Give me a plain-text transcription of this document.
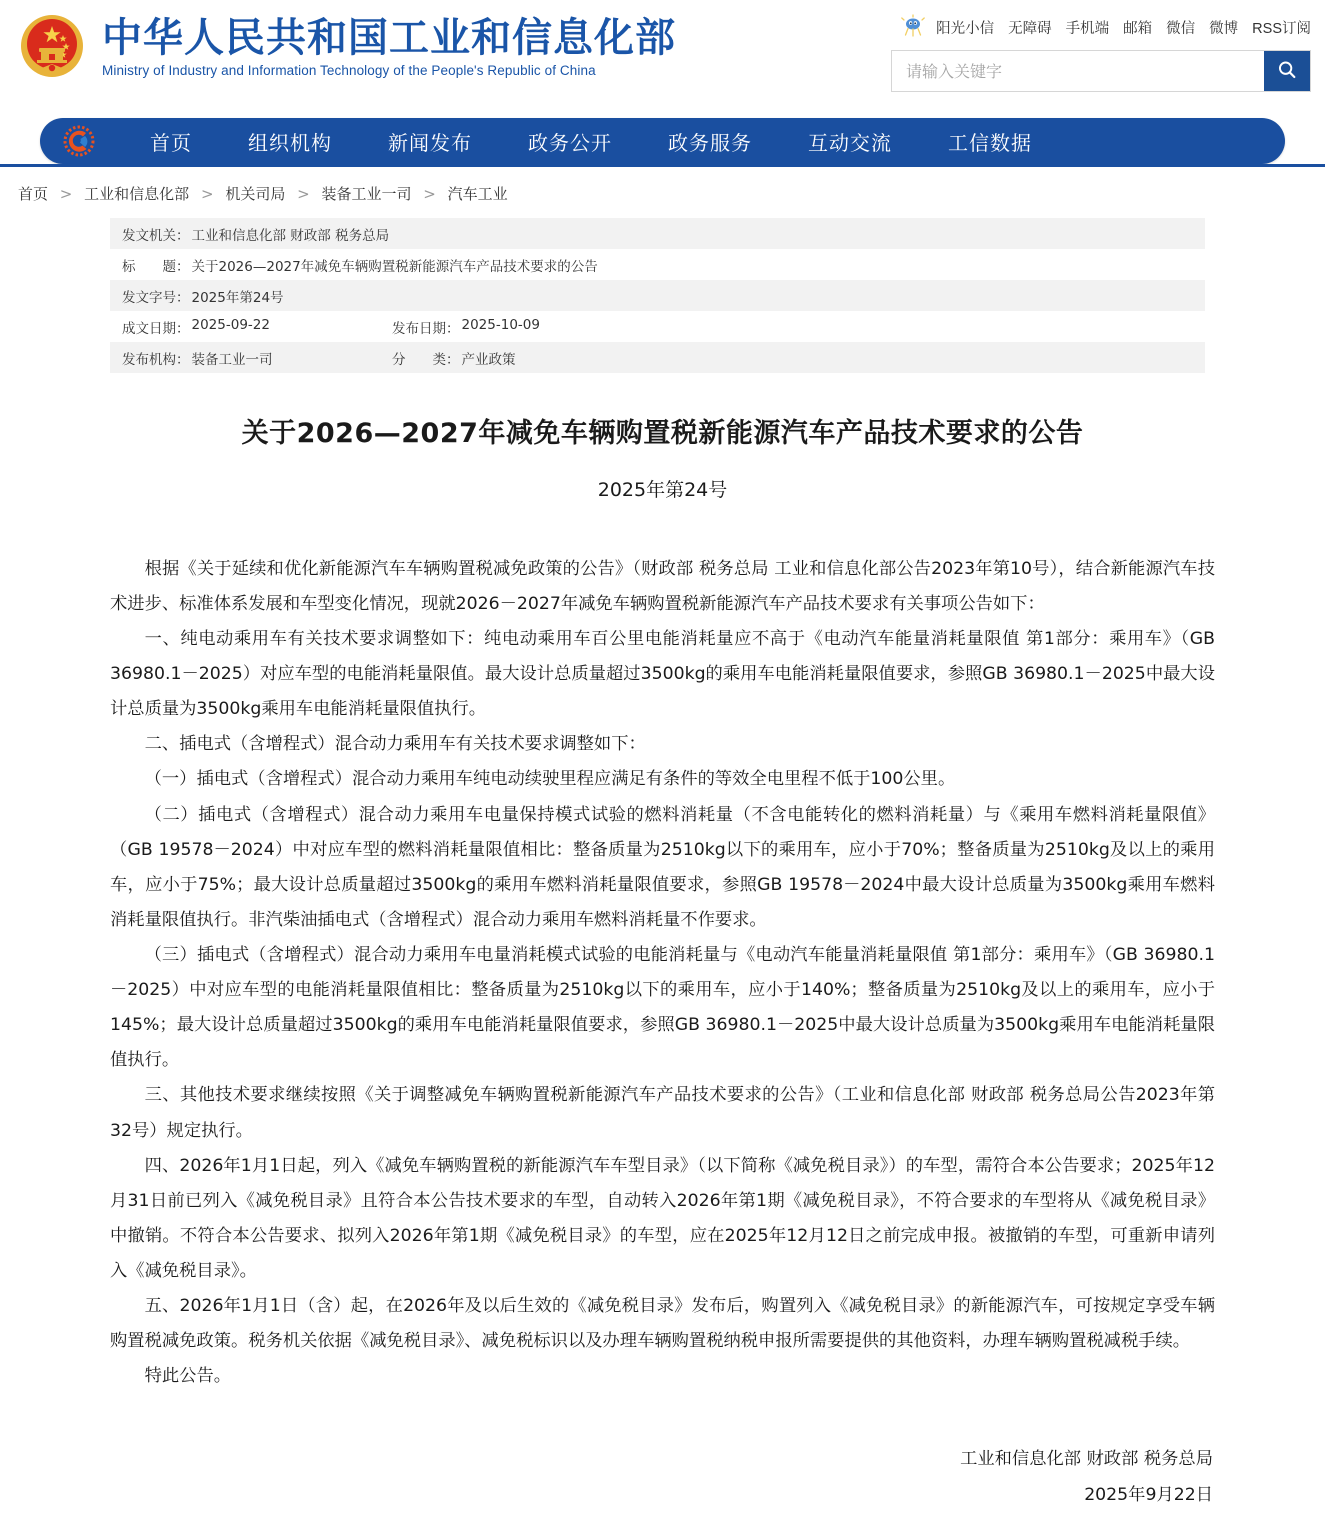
中华人民共和国工业和信息化部
Ministry of Industry and Information Technology of the People's Republic of China
阳光小信 无障碍 手机端 邮箱 微信 微博 RSS订阅
请输入关键字
首页	组织机构	新闻发布	政务公开	政务服务	互动交流	工信数据
首页 > 工业和信息化部 > 机关司局 > 装备工业一司 > 汽车工业
发文机关： 工业和信息化部 财政部 税务总局	

标　　题： 关于2026—2027年减免车辆购置税新能源汽车产品技术要求的公告	

发文字号： 2025年第24号	

成文日期： 2025-09-22	发布日期： 2025-10-09

发布机构： 装备工业一司	分　　类： 产业政策
关于2026—2027年减免车辆购置税新能源汽车产品技术要求的公告
2025年第24号

根据《关于延续和优化新能源汽车车辆购置税减免政策的公告》（财政部 税务总局 工业和信息化部公告2023年第10号），结合新能源汽车技术进步、标准体系发展和车型变化情况，现就2026－2027年减免车辆购置税新能源汽车产品技术要求有关事项公告如下：

一、纯电动乘用车有关技术要求调整如下：纯电动乘用车百公里电能消耗量应不高于《电动汽车能量消耗量限值 第1部分：乘用车》（GB 36980.1－2025）对应车型的电能消耗量限值。最大设计总质量超过3500kg的乘用车电能消耗量限值要求，参照GB 36980.1－2025中最大设计总质量为3500kg乘用车电能消耗量限值执行。

二、插电式（含增程式）混合动力乘用车有关技术要求调整如下：

（一）插电式（含增程式）混合动力乘用车纯电动续驶里程应满足有条件的等效全电里程不低于100公里。

（二）插电式（含增程式）混合动力乘用车电量保持模式试验的燃料消耗量（不含电能转化的燃料消耗量）与《乘用车燃料消耗量限值》（GB 19578－2024）中对应车型的燃料消耗量限值相比：整备质量为2510kg以下的乘用车，应小于70%；整备质量为2510kg及以上的乘用车，应小于75%；最大设计总质量超过3500kg的乘用车燃料消耗量限值要求，参照GB 19578－2024中最大设计总质量为3500kg乘用车燃料消耗量限值执行。非汽柴油插电式（含增程式）混合动力乘用车燃料消耗量不作要求。

（三）插电式（含增程式）混合动力乘用车电量消耗模式试验的电能消耗量与《电动汽车能量消耗量限值 第1部分：乘用车》（GB 36980.1－2025）中对应车型的电能消耗量限值相比：整备质量为2510kg以下的乘用车，应小于140%；整备质量为2510kg及以上的乘用车，应小于145%；最大设计总质量超过3500kg的乘用车电能消耗量限值要求，参照GB 36980.1－2025中最大设计总质量为3500kg乘用车电能消耗量限值执行。

三、其他技术要求继续按照《关于调整减免车辆购置税新能源汽车产品技术要求的公告》（工业和信息化部 财政部 税务总局公告2023年第32号）规定执行。

四、2026年1月1日起，列入《减免车辆购置税的新能源汽车车型目录》（以下简称《减免税目录》）的车型，需符合本公告要求；2025年12月31日前已列入《减免税目录》且符合本公告技术要求的车型，自动转入2026年第1期《减免税目录》，不符合要求的车型将从《减免税目录》中撤销。不符合本公告要求、拟列入2026年第1期《减免税目录》的车型，应在2025年12月12日之前完成申报。被撤销的车型，可重新申请列入《减免税目录》。

五、2026年1月1日（含）起，在2026年及以后生效的《减免税目录》发布后，购置列入《减免税目录》的新能源汽车，可按规定享受车辆购置税减免政策。税务机关依据《减免税目录》、减免税标识以及办理车辆购置税纳税申报所需要提供的其他资料，办理车辆购置税减税手续。

特此公告。

工业和信息化部 财政部 税务总局
2025年9月22日
